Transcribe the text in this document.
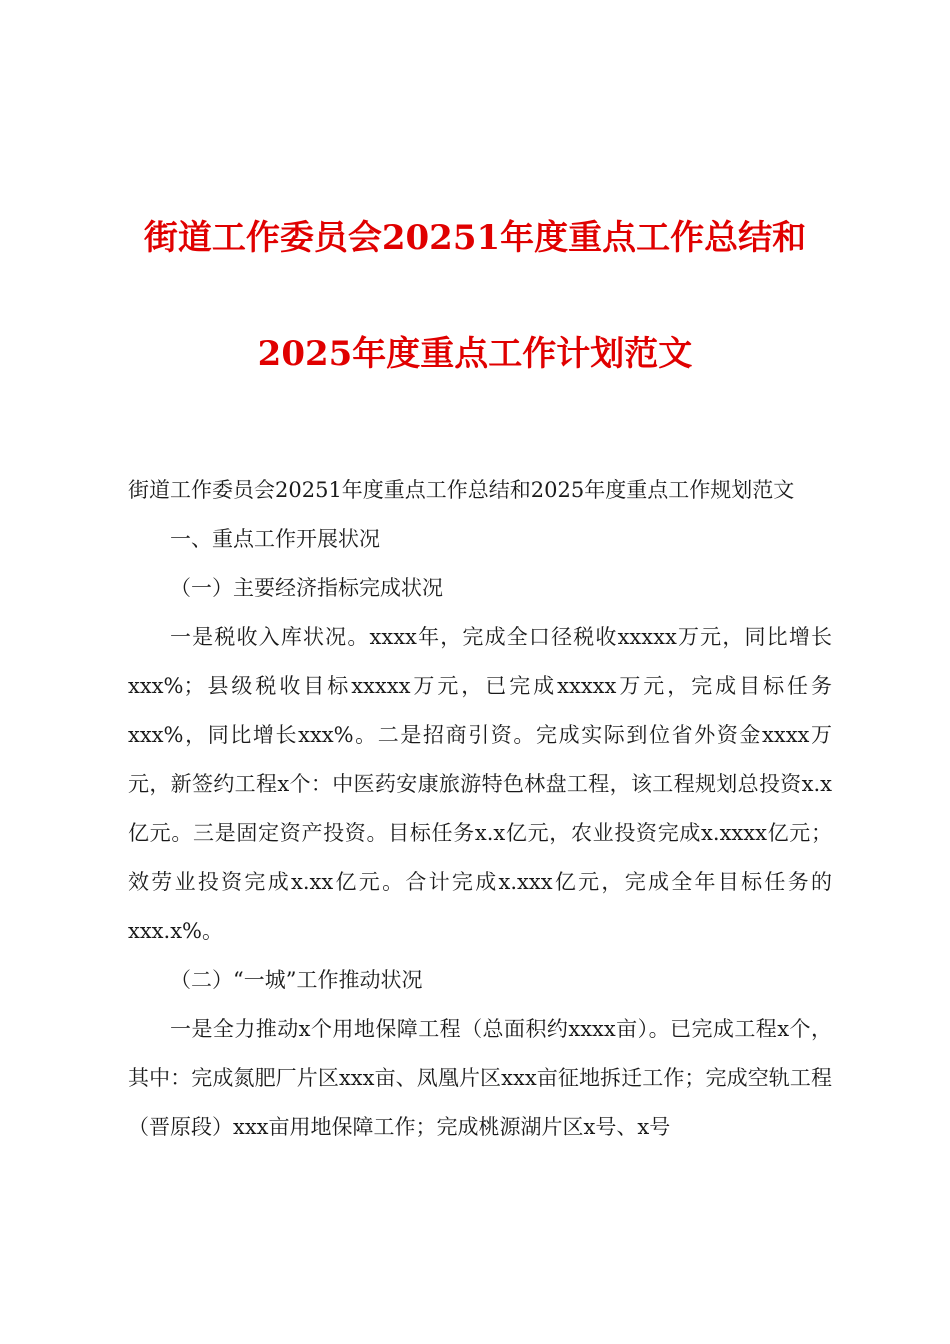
街道工作委员会20251年度重点工作总结和
2025年度重点工作计划范文

街道工作委员会20251年度重点工作总结和2025年度重点工作规划范文

一、重点工作开展状况

（一）主要经济指标完成状况

一是税收入库状况。xxxx年，完成全口径税收xxxxx万元，同比增长xxx%；县级税收目标xxxxx万元，已完成xxxxx万元，完成目标任务xxx%，同比增长xxx%。二是招商引资。完成实际到位省外资金xxxx万元，新签约工程x个：中医药安康旅游特色林盘工程，该工程规划总投资x.x亿元。三是固定资产投资。目标任务x.x亿元，农业投资完成x.xxxx亿元；效劳业投资完成x.xx亿元。合计完成x.xxx亿元，完成全年目标任务的xxx.x%。

（二）“一城”工作推动状况

一是全力推动x个用地保障工程（总面积约xxxx亩）。已完成工程x个，其中：完成氮肥厂片区xxx亩、凤凰片区xxx亩征地拆迁工作；完成空轨工程（晋原段）xxx亩用地保障工作；完成桃源湖片区x号、x号
